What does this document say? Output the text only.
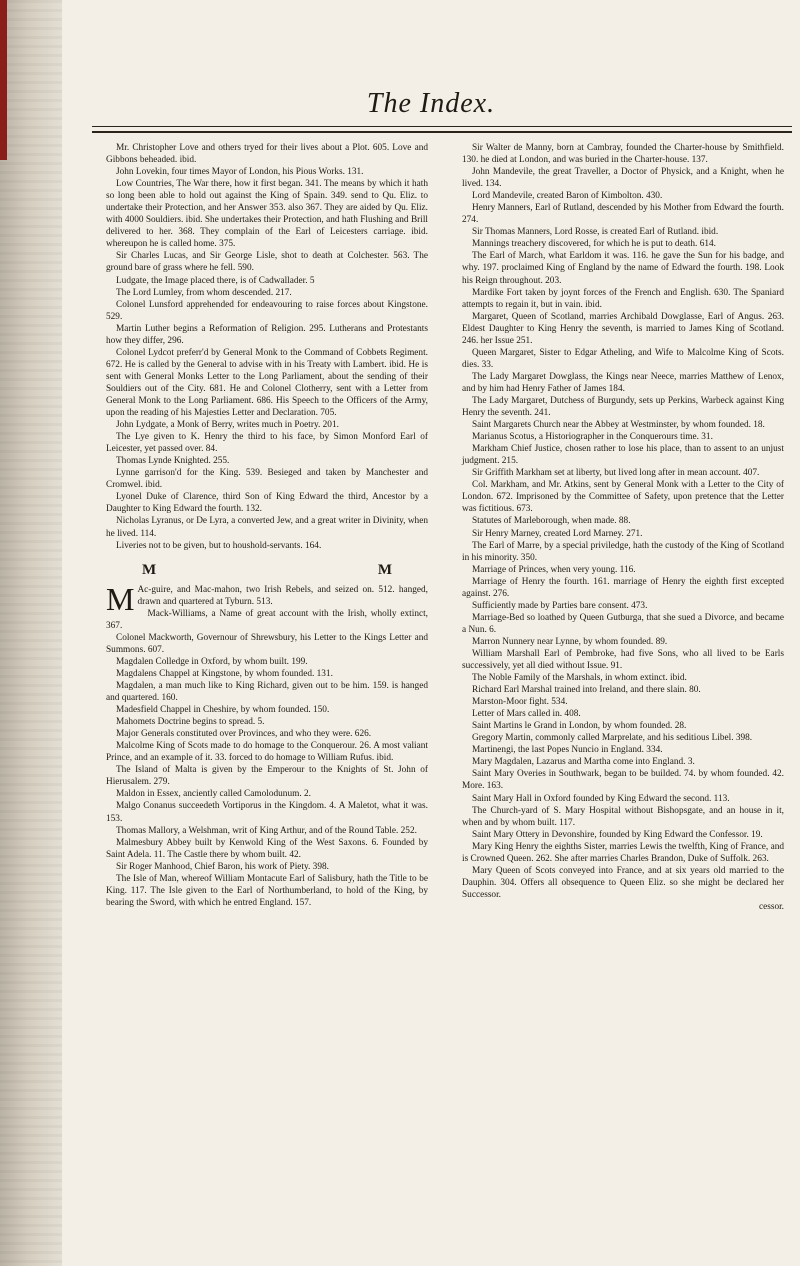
The Index.

Mr. Christopher Love and others tryed for their lives about a Plot. 605. Love and Gibbons beheaded. ibid.

John Lovekin, four times Mayor of London, his Pious Works. 131.

Low Countries, The War there, how it first began. 341. The means by which it hath so long been able to hold out against the King of Spain. 349. send to Qu. Eliz. to undertake their Protection, and her Answer 353. also 367. They are aided by Qu. Eliz. with 4000 Souldiers. ibid. She undertakes their Protection, and hath Flushing and Brill delivered to her. 368. They complain of the Earl of Leicesters carriage. ibid. whereupon he is called home. 375.

Sir Charles Lucas, and Sir George Lisle, shot to death at Colchester. 563. The ground bare of grass where he fell. 590.

Ludgate, the Image placed there, is of Cadwallader. 5

The Lord Lumley, from whom descended. 217.

Colonel Lunsford apprehended for endeavouring to raise forces about Kingstone. 529.

Martin Luther begins a Reformation of Religion. 295. Lutherans and Protestants how they differ, 296.

Colonel Lydcot preferr'd by General Monk to the Command of Cobbets Regiment. 672. He is called by the General to advise with in his Treaty with Lambert. ibid. He is sent with General Monks Letter to the Long Parliament, about the sending of their Souldiers out of the City. 681. He and Colonel Clotherry, sent with a Letter from General Monk to the Long Parliament. 686. His Speech to the Officers of the Army, upon the reading of his Majesties Letter and Declaration. 705.

John Lydgate, a Monk of Berry, writes much in Poetry. 201.

The Lye given to K. Henry the third to his face, by Simon Monford Earl of Leicester, yet passed over. 84.

Thomas Lynde Knighted. 255.

Lynne garrison'd for the King. 539. Besieged and taken by Manchester and Cromwel. ibid.

Lyonel Duke of Clarence, third Son of King Edward the third, Ancestor by a Daughter to King Edward the fourth. 132.

Nicholas Lyranus, or De Lyra, a converted Jew, and a great writer in Divinity, when he lived. 114.

Liveries not to be given, but to houshold-servants. 164.

M	M

M Ac-guire, and Mac-mahon, two Irish Rebels, and seized on. 512. hanged, drawn and quartered at Tyburn. 513.

Mack-Williams, a Name of great account with the Irish, wholly extinct, 367.

Colonel Mackworth, Governour of Shrewsbury, his Letter to the Kings Letter and Summons. 607.

Magdalen Colledge in Oxford, by whom built. 199.

Magdalens Chappel at Kingstone, by whom founded. 131.

Magdalen, a man much like to King Richard, given out to be him. 159. is hanged and quartered. 160.

Madesfield Chappel in Cheshire, by whom founded. 150.

Mahomets Doctrine begins to spread. 5.

Major Generals constituted over Provinces, and who they were. 626.

Malcolme King of Scots made to do homage to the Conquerour. 26. A most valiant Prince, and an example of it. 33. forced to do homage to William Rufus. ibid.

The Island of Malta is given by the Emperour to the Knights of St. John of Hierusalem. 279.

Maldon in Essex, anciently called Camolodunum. 2.

Malgo Conanus succeedeth Vortiporus in the Kingdom. 4. A Maletot, what it was. 153.

Thomas Mallory, a Welshman, writ of King Arthur, and of the Round Table. 252.

Malmesbury Abbey built by Kenwold King of the West Saxons. 6. Founded by Saint Adela. 11. The Castle there by whom built. 42.

Sir Roger Manhood, Chief Baron, his work of Piety. 398.

The Isle of Man, whereof William Montacute Earl of Salisbury, hath the Title to be King. 117. The Isle given to the Earl of Northumberland, to hold of the King, by bearing the Sword, with which he entred England. 157.

Sir Walter de Manny, born at Cambray, founded the Charter-house by Smithfield. 130. he died at London, and was buried in the Charter-house. 137.

John Mandevile, the great Traveller, a Doctor of Physick, and a Knight, when he lived. 134.

Lord Mandevile, created Baron of Kimbolton. 430.

Henry Manners, Earl of Rutland, descended by his Mother from Edward the fourth. 274.

Sir Thomas Manners, Lord Rosse, is created Earl of Rutland. ibid.

Mannings treachery discovered, for which he is put to death. 614.

The Earl of March, what Earldom it was. 116. he gave the Sun for his badge, and why. 197. proclaimed King of England by the name of Edward the fourth. 198. Look his Reign throughout. 203.

Mardike Fort taken by joynt forces of the French and English. 630. The Spaniard attempts to regain it, but in vain. ibid.

Margaret, Queen of Scotland, marries Archibald Dowglasse, Earl of Angus. 263. Eldest Daughter to King Henry the seventh, is married to James King of Scotland. 246. her Issue 251.

Queen Margaret, Sister to Edgar Atheling, and Wife to Malcolme King of Scots. dies. 33.

The Lady Margaret Dowglass, the Kings near Neece, marries Matthew of Lenox, and by him had Henry Father of James 184.

The Lady Margaret, Dutchess of Burgundy, sets up Perkins, Warbeck against King Henry the seventh. 241.

Saint Margarets Church near the Abbey at Westminster, by whom founded. 18.

Marianus Scotus, a Historiographer in the Conquerours time. 31.

Markham Chief Justice, chosen rather to lose his place, than to assent to an unjust judgment. 215.

Sir Griffith Markham set at liberty, but lived long after in mean account. 407.

Col. Markham, and Mr. Atkins, sent by General Monk with a Letter to the City of London. 672. Imprisoned by the Committee of Safety, upon pretence that the Letter was fictitious. 673.

Statutes of Marleborough, when made. 88.

Sir Henry Marney, created Lord Marney. 271.

The Earl of Marre, by a special priviledge, hath the custody of the King of Scotland in his minority. 350.

Marriage of Princes, when very young. 116.

Marriage of Henry the fourth. 161. marriage of Henry the eighth first excepted against. 276.

Sufficiently made by Parties bare consent. 473.

Marriage-Bed so loathed by Queen Gutburga, that she sued a Divorce, and became a Nun. 6.

Marron Nunnery near Lynne, by whom founded. 89.

William Marshall Earl of Pembroke, had five Sons, who all lived to be Earls successively, yet all died without Issue. 91.

The Noble Family of the Marshals, in whom extinct. ibid.

Richard Earl Marshal trained into Ireland, and there slain. 80.

Marston-Moor fight. 534.

Letter of Mars called in. 408.

Saint Martins le Grand in London, by whom founded. 28.

Gregory Martin, commonly called Marprelate, and his seditious Libel. 398.

Martinengi, the last Popes Nuncio in England. 334.

Mary Magdalen, Lazarus and Martha come into England. 3.

Saint Mary Overies in Southwark, began to be builded. 74. by whom founded. 42. More. 163.

Saint Mary Hall in Oxford founded by King Edward the second. 113.

The Church-yard of S. Mary Hospital without Bishopsgate, and an house in it, when and by whom built. 117.

Saint Mary Ottery in Devonshire, founded by King Edward the Confessor. 19.

Mary King Henry the eighths Sister, marries Lewis the twelfth, King of France, and is Crowned Queen. 262. She after marries Charles Brandon, Duke of Suffolk. 263.

Mary Queen of Scots conveyed into France, and at six years old married to the Dauphin. 304. Offers all obsequence to Queen Eliz. so she might be declared her Successor.

cessor.
